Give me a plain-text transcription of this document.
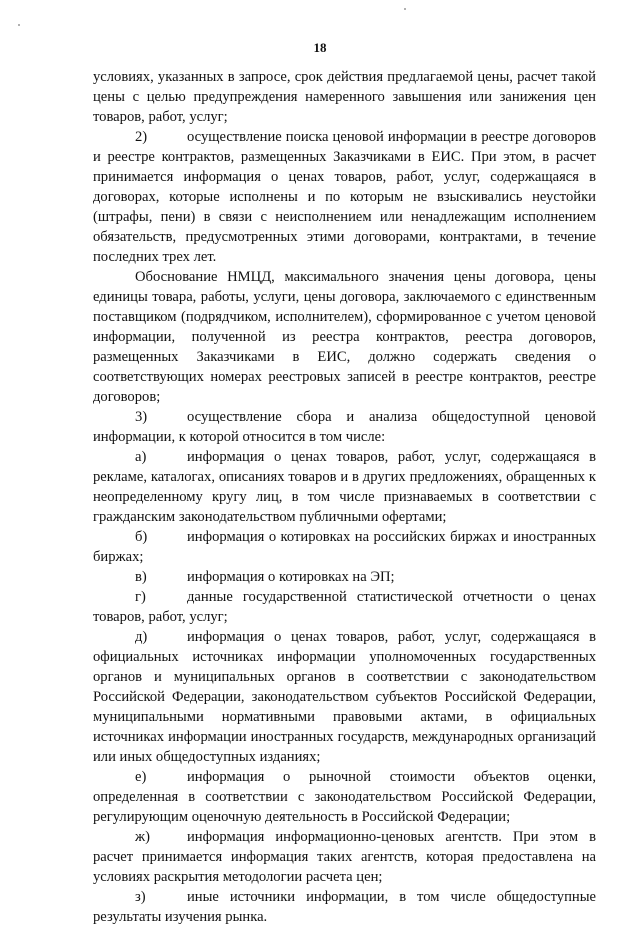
18

условиях, указанных в запросе, срок действия предлагаемой цены, расчет такой цены с целью предупреждения намеренного завышения или занижения цен товаров, работ, услуг;

2)	осуществление поиска ценовой информации в реестре договоров и реестре контрактов, размещенных Заказчиками в ЕИС. При этом, в расчет принимается информация о ценах товаров, работ, услуг, содержащаяся в договорах, которые исполнены и по которым не взыскивались неустойки (штрафы, пени) в связи с неисполнением или ненадлежащим исполнением обязательств, предусмотренных этими договорами, контрактами, в течение последних трех лет.

Обоснование НМЦД, максимального значения цены договора, цены единицы товара, работы, услуги, цены договора, заключаемого с единственным поставщиком (подрядчиком, исполнителем), сформированное с учетом ценовой информации, полученной из реестра контрактов, реестра договоров, размещенных Заказчиками в ЕИС, должно содержать сведения о соответствующих номерах реестровых записей в реестре контрактов, реестре договоров;

3)	осуществление сбора и анализа общедоступной ценовой информации, к которой относится в том числе:

а)	информация о ценах товаров, работ, услуг, содержащаяся в рекламе, каталогах, описаниях товаров и в других предложениях, обращенных к неопределенному кругу лиц, в том числе признаваемых в соответствии с гражданским законодательством публичными офертами;

б)	информация о котировках на российских биржах и иностранных биржах;

в)	информация о котировках на ЭП;

г)	данные государственной статистической отчетности о ценах товаров, работ, услуг;

д)	информация о ценах товаров, работ, услуг, содержащаяся в официальных источниках информации уполномоченных государственных органов и муниципальных органов в соответствии с законодательством Российской Федерации, законодательством субъектов Российской Федерации, муниципальными нормативными правовыми актами, в официальных источниках информации иностранных государств, международных организаций или иных общедоступных изданиях;

е)	информация о рыночной стоимости объектов оценки, определенная в соответствии с законодательством Российской Федерации, регулирующим оценочную деятельность в Российской Федерации;

ж)	информация информационно-ценовых агентств. При этом в расчет принимается информация таких агентств, которая предоставлена на условиях раскрытия методологии расчета цен;

з)	иные источники информации, в том числе общедоступные результаты изучения рынка.
